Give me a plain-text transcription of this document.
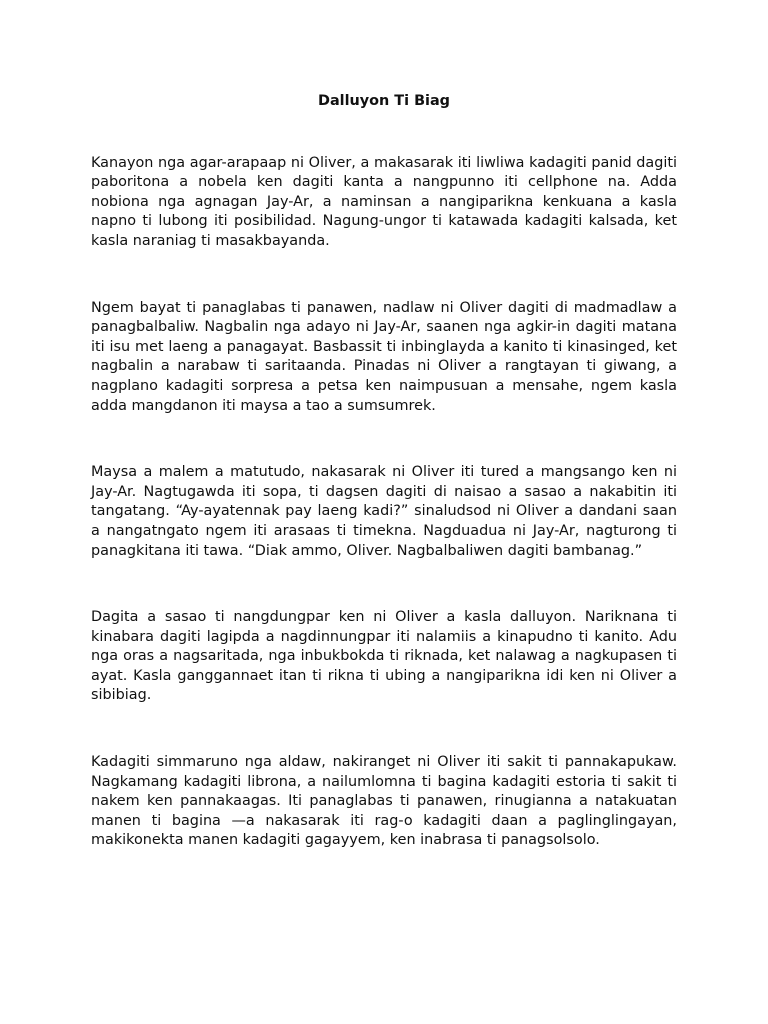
Dalluyon Ti Biag

Kanayon nga agar-arapaap ni Oliver, a makasarak iti liwliwa kadagiti panid dagiti paboritona a nobela ken dagiti kanta a nangpunno iti cellphone na. Adda nobiona nga agnagan Jay-Ar, a naminsan a nangiparikna kenkuana a kasla napno ti lubong iti posibilidad. Nagung-ungor ti katawada kadagiti kalsada, ket kasla naraniag ti masakbayanda.

Ngem bayat ti panaglabas ti panawen, nadlaw ni Oliver dagiti di madmadlaw a panagbalbaliw. Nagbalin nga adayo ni Jay-Ar, saanen nga agkir-in dagiti matana iti isu met laeng a panagayat. Basbassit ti inbinglayda a kanito ti kinasinged, ket nagbalin a narabaw ti saritaanda. Pinadas ni Oliver a rangtayan ti giwang, a nagplano kadagiti sorpresa a petsa ken naimpusuan a mensahe, ngem kasla adda mangdanon iti maysa a tao a sumsumrek.

Maysa a malem a matutudo, nakasarak ni Oliver iti tured a mangsango ken ni Jay-Ar. Nagtugawda iti sopa, ti dagsen dagiti di naisao a sasao a nakabitin iti tangatang. “Ay-ayatennak pay laeng kadi?” sinaludsod ni Oliver a dandani saan a nangatngato ngem iti arasaas ti timekna. Nagduadua ni Jay-Ar, nagturong ti panagkitana iti tawa. “Diak ammo, Oliver. Nagbalbaliwen dagiti bambanag.”

Dagita a sasao ti nangdungpar ken ni Oliver a kasla dalluyon. Nariknana ti kinabara dagiti lagipda a nagdinnungpar iti nalamiis a kinapudno ti kanito. Adu nga oras a nagsaritada, nga inbukbokda ti riknada, ket nalawag a nagkupasen ti ayat. Kasla ganggannaet itan ti rikna ti ubing a nangiparikna idi ken ni Oliver a sibibiag.

Kadagiti simmaruno nga aldaw, nakiranget ni Oliver iti sakit ti pannakapukaw. Nagkamang kadagiti librona, a nailumlomna ti bagina kadagiti estoria ti sakit ti nakem ken pannakaagas. Iti panaglabas ti panawen, rinugianna a natakuatan manen ti bagina —a nakasarak iti rag-o kadagiti daan a paglinglingayan, makikonekta manen kadagiti gagayyem, ken inabrasa ti panagsolsolo.
